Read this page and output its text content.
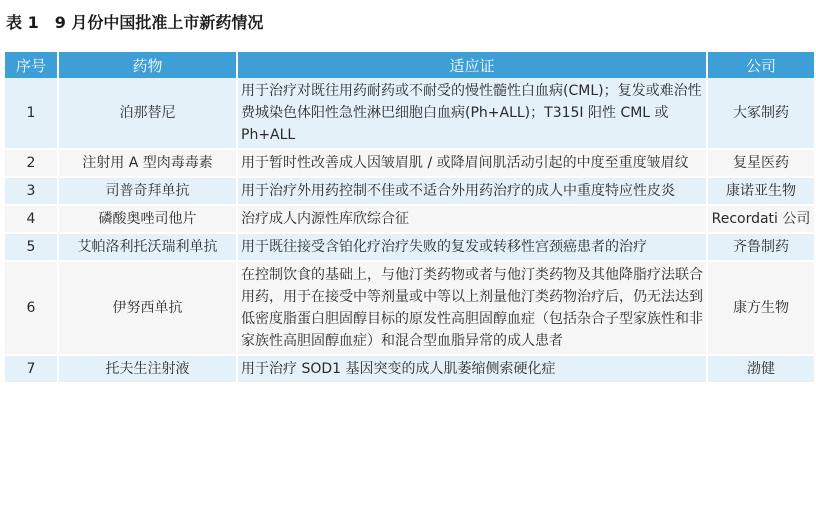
表 1 9 月份中国批准上市新药情况
序号	药物	适应证	公司
1	泊那替尼	用于治疗对既往用药耐药或不耐受的慢性髓性白血病(CML)；复发或难治性费城染色体阳性急性淋巴细胞白血病(Ph+ALL)；T315I 阳性 CML 或 Ph+ALL	大冢制药
2	注射用 A 型肉毒毒素	用于暂时性改善成人因皱眉肌 / 或降眉间肌活动引起的中度至重度皱眉纹	复星医药
3	司普奇拜单抗	用于治疗外用药控制不佳或不适合外用药治疗的成人中重度特应性皮炎	康诺亚生物
4	磷酸奥唑司他片	治疗成人内源性库欣综合征	Recordati 公司
5	艾帕洛利托沃瑞利单抗	用于既往接受含铂化疗治疗失败的复发或转移性宫颈癌患者的治疗	齐鲁制药
6	伊努西单抗	在控制饮食的基础上，与他汀类药物或者与他汀类药物及其他降脂疗法联合用药，用于在接受中等剂量或中等以上剂量他汀类药物治疗后，仍无法达到低密度脂蛋白胆固醇目标的原发性高胆固醇血症（包括杂合子型家族性和非家族性高胆固醇血症）和混合型血脂异常的成人患者	康方生物
7	托夫生注射液	用于治疗 SOD1 基因突变的成人肌萎缩侧索硬化症	渤健
